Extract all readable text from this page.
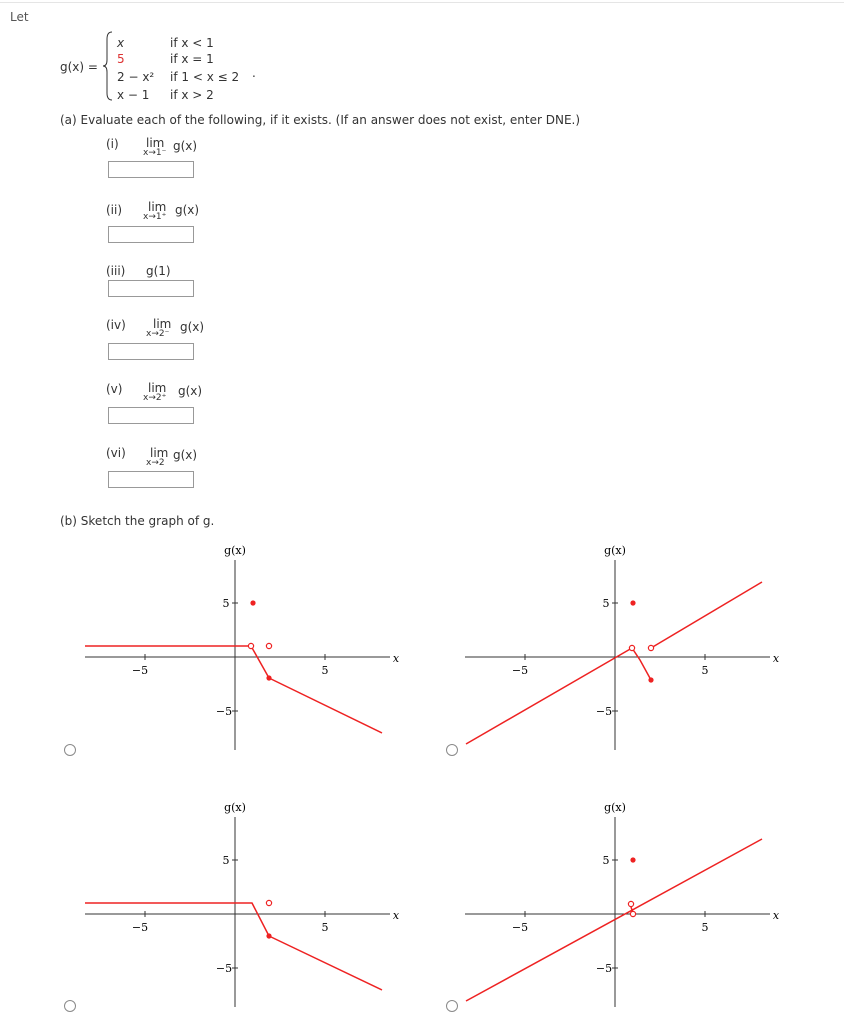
Let
g(x) =
x	if x < 1
5	if x = 1
2 − x² if 1 < x ≤ 2 .
x − 1 if x > 2
(a) Evaluate each of the following, if it exists. (If an answer does not exist, enter DNE.)
(i) lim
x→1⁻ g(x)
(ii) lim
x→1⁺ g(x)
(iii) g(1)
(iv) lim
x→2⁻ g(x)
(v) lim
x→2⁺ g(x)
(vi) lim
x→2
g(x)
(b) Sketch the graph of g.
g(x)
x
−5	5
5
−5
g(x)
x
−5	5
5
−5
g(x)
x
−5	5
5
−5
g(x)
x
−5	5
5
−5
